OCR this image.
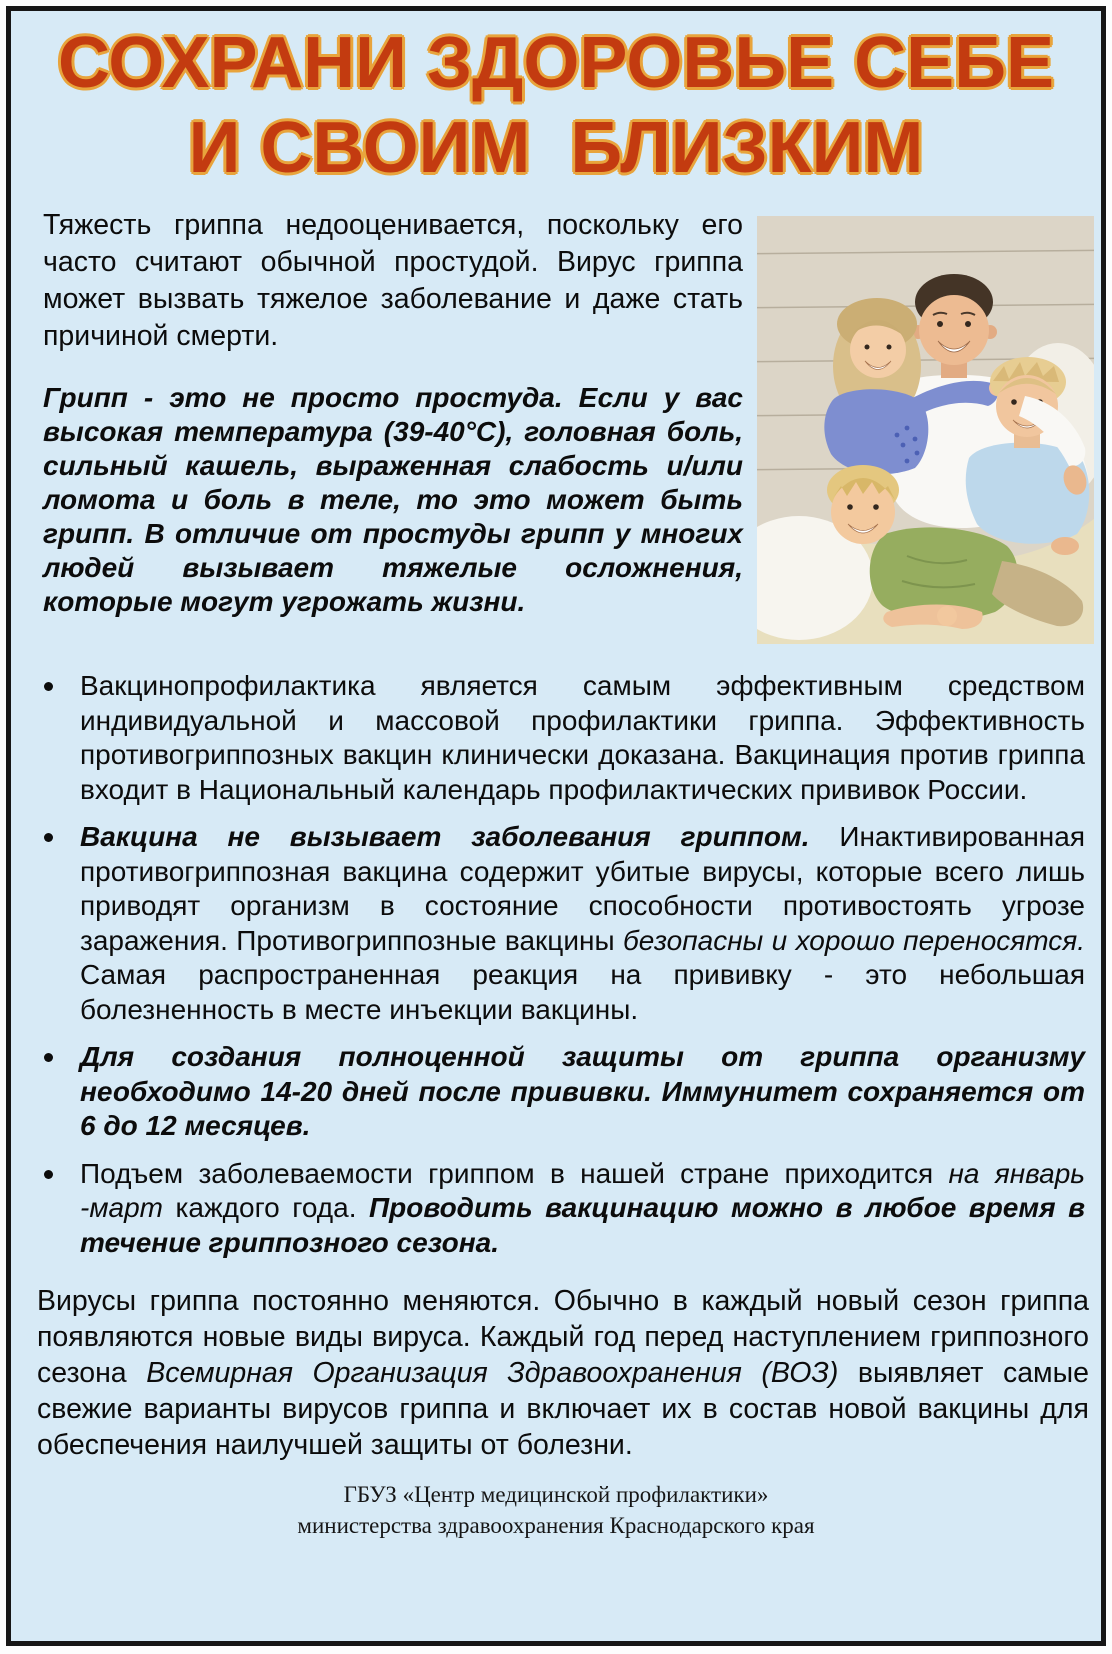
СОХРАНИ ЗДОРОВЬЕ СЕБЕ
И СВОИМ  БЛИЗКИМ

Тяжесть гриппа недооценивается, поскольку его часто считают обычной простудой. Вирус гриппа может вызвать тяжелое заболевание и даже стать причиной смерти.

Грипп - это не просто простуда. Если у вас высокая температура (39-40°С), головная боль, сильный кашель, выраженная слабость и/или ломота и боль в теле, то это может быть грипп. В отличие от простуды грипп у многих людей вызывает тяжелые осложнения, которые могут угрожать жизни.

Вакцинопрофилактика является самым эффективным средством индивидуальной и массовой профилактики гриппа. Эффективность противогриппозных вакцин клинически доказана. Вакцинация против гриппа входит в Национальный календарь профилактических прививок России.
Вакцина не вызывает заболевания гриппом. Инактивированная противогриппозная вакцина содержит убитые вирусы, которые всего лишь приводят организм в состояние способности противостоять угрозе заражения. Противогриппозные вакцины безопасны и хорошо переносятся. Самая распространенная реакция на прививку - это небольшая болезненность в месте инъекции вакцины.
Для создания полноценной защиты от гриппа организму необходимо 14-20 дней после прививки. Иммунитет сохраняется от 6 до 12 месяцев.
Подъем заболеваемости гриппом в нашей стране приходится на январь -март каждого года. Проводить вакцинацию можно в любое время в течение гриппозного сезона.

Вирусы гриппа постоянно меняются. Обычно в каждый новый сезон гриппа появляются новые виды вируса. Каждый год перед наступлением гриппозного сезона Всемирная Организация Здравоохранения (ВОЗ) выявляет самые свежие варианты вирусов гриппа и включает их в состав новой вакцины для обеспечения наилучшей защиты от болезни.

ГБУЗ «Центр медицинской профилактики»
министерства здравоохранения Краснодарского края
